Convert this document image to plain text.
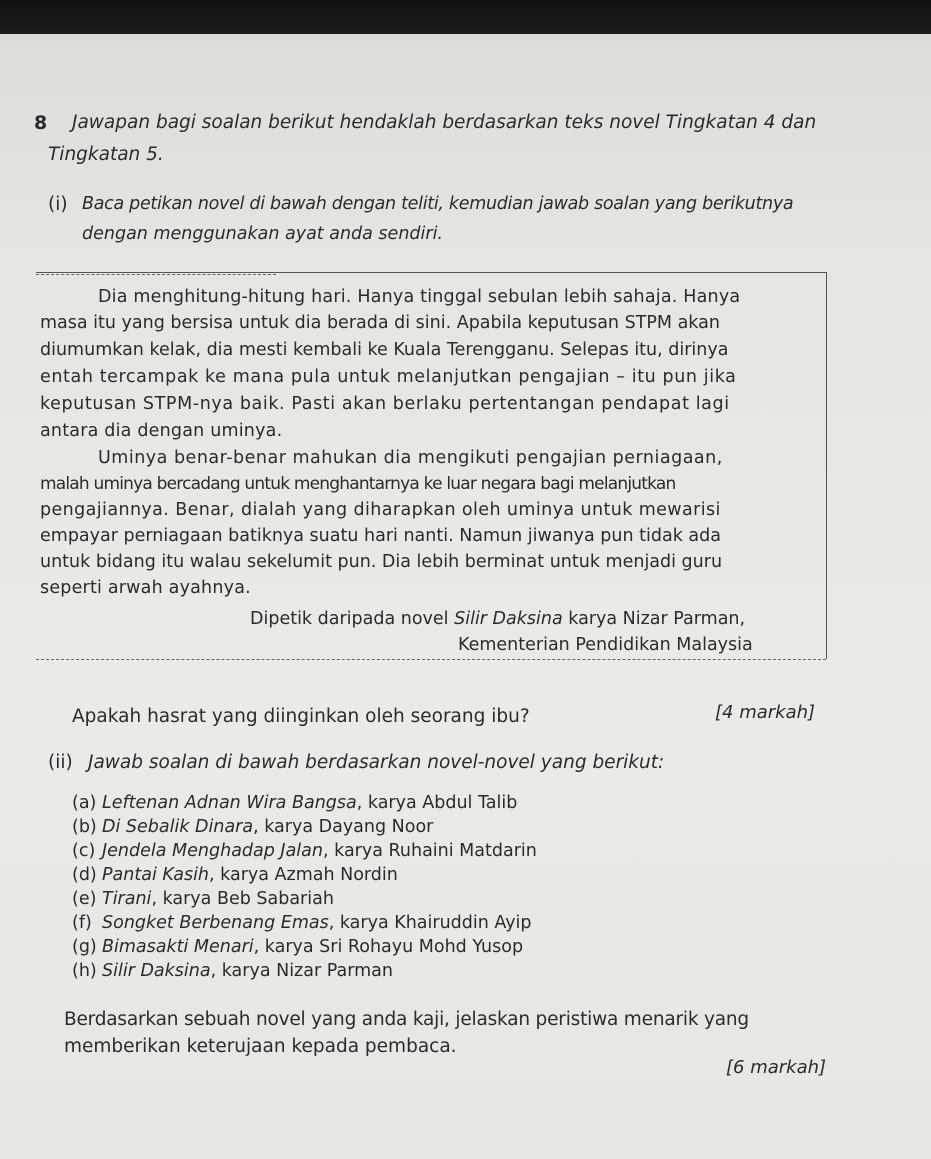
8 Jawapan bagi soalan berikut hendaklah berdasarkan teks novel Tingkatan 4 dan
Tingkatan 5.
(i) Baca petikan novel di bawah dengan teliti, kemudian jawab soalan yang berikutnya
dengan menggunakan ayat anda sendiri.
Dia menghitung-hitung hari. Hanya tinggal sebulan lebih sahaja. Hanya
masa itu yang bersisa untuk dia berada di sini. Apabila keputusan STPM akan
diumumkan kelak, dia mesti kembali ke Kuala Terengganu. Selepas itu, dirinya
entah tercampak ke mana pula untuk melanjutkan pengajian – itu pun jika
keputusan STPM-nya baik. Pasti akan berlaku pertentangan pendapat lagi
antara dia dengan uminya.
Uminya benar-benar mahukan dia mengikuti pengajian perniagaan,
malah uminya bercadang untuk menghantarnya ke luar negara bagi melanjutkan
pengajiannya. Benar, dialah yang diharapkan oleh uminya untuk mewarisi
empayar perniagaan batiknya suatu hari nanti. Namun jiwanya pun tidak ada
untuk bidang itu walau sekelumit pun. Dia lebih berminat untuk menjadi guru
seperti arwah ayahnya.
Dipetik daripada novel Silir Daksina karya Nizar Parman,
Kementerian Pendidikan Malaysia
Apakah hasrat yang diinginkan oleh seorang ibu?	[4 markah]
(ii) Jawab soalan di bawah berdasarkan novel-novel yang berikut:
(a) Leftenan Adnan Wira Bangsa, karya Abdul Talib
(b) Di Sebalik Dinara, karya Dayang Noor
(c) Jendela Menghadap Jalan, karya Ruhaini Matdarin
(d) Pantai Kasih, karya Azmah Nordin
(e) Tirani, karya Beb Sabariah
(f) Songket Berbenang Emas, karya Khairuddin Ayip
(g) Bimasakti Menari, karya Sri Rohayu Mohd Yusop
(h) Silir Daksina, karya Nizar Parman
Berdasarkan sebuah novel yang anda kaji, jelaskan peristiwa menarik yang
memberikan keterujaan kepada pembaca.
[6 markah]
